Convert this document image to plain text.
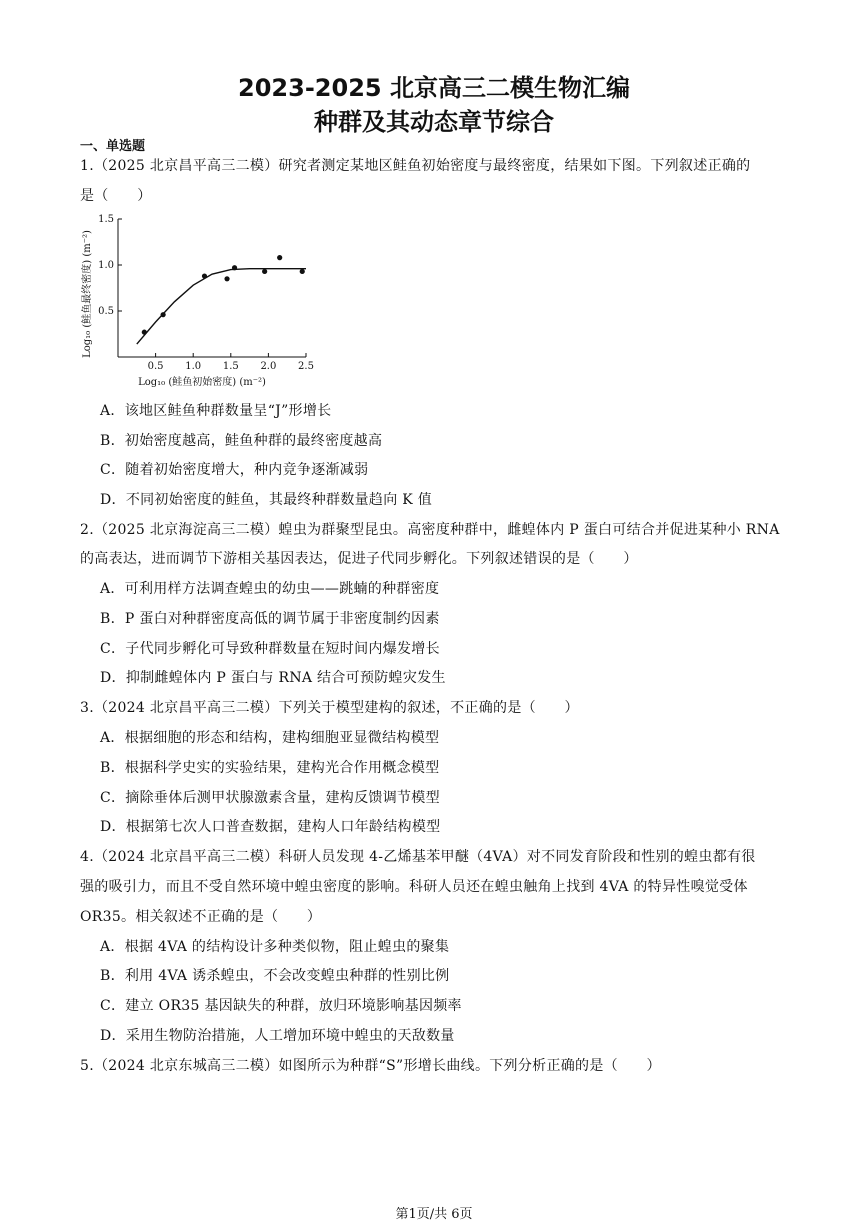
2023-2025 北京高三二模生物汇编
种群及其动态章节综合
一、单选题
1.（2025 北京昌平高三二模）研究者测定某地区鲑鱼初始密度与最终密度，结果如下图。下列叙述正确的
是（　　）
0.5 1.0 1.5 2.0 2.5
0.5
1.0
1.5
Log₁₀ (鲑鱼初始密度) (m⁻²)
Log₁₀ (鲑鱼最终密度) (m⁻²)
A．该地区鲑鱼种群数量呈“J”形增长
B．初始密度越高，鲑鱼种群的最终密度越高
C．随着初始密度增大，种内竞争逐渐减弱
D．不同初始密度的鲑鱼，其最终种群数量趋向 K 值
2.（2025 北京海淀高三二模）蝗虫为群聚型昆虫。高密度种群中，雌蝗体内 P 蛋白可结合并促进某种小 RNA
的高表达，进而调节下游相关基因表达，促进子代同步孵化。下列叙述错误的是（　　）
A．可利用样方法调查蝗虫的幼虫——跳蝻的种群密度
B．P 蛋白对种群密度高低的调节属于非密度制约因素
C．子代同步孵化可导致种群数量在短时间内爆发增长
D．抑制雌蝗体内 P 蛋白与 RNA 结合可预防蝗灾发生
3.（2024 北京昌平高三二模）下列关于模型建构的叙述，不正确的是（　　）
A．根据细胞的形态和结构，建构细胞亚显微结构模型
B．根据科学史实的实验结果，建构光合作用概念模型
C．摘除垂体后测甲状腺激素含量，建构反馈调节模型
D．根据第七次人口普查数据，建构人口年龄结构模型
4.（2024 北京昌平高三二模）科研人员发现 4-乙烯基苯甲醚（4VA）对不同发育阶段和性别的蝗虫都有很
强的吸引力，而且不受自然环境中蝗虫密度的影响。科研人员还在蝗虫触角上找到 4VA 的特异性嗅觉受体
OR35。相关叙述不正确的是（　　）
A．根据 4VA 的结构设计多种类似物，阻止蝗虫的聚集
B．利用 4VA 诱杀蝗虫，不会改变蝗虫种群的性别比例
C．建立 OR35 基因缺失的种群，放归环境影响基因频率
D．采用生物防治措施，人工增加环境中蝗虫的天敌数量
5.（2024 北京东城高三二模）如图所示为种群“S”形增长曲线。下列分析正确的是（　　）
第1页/共 6页
